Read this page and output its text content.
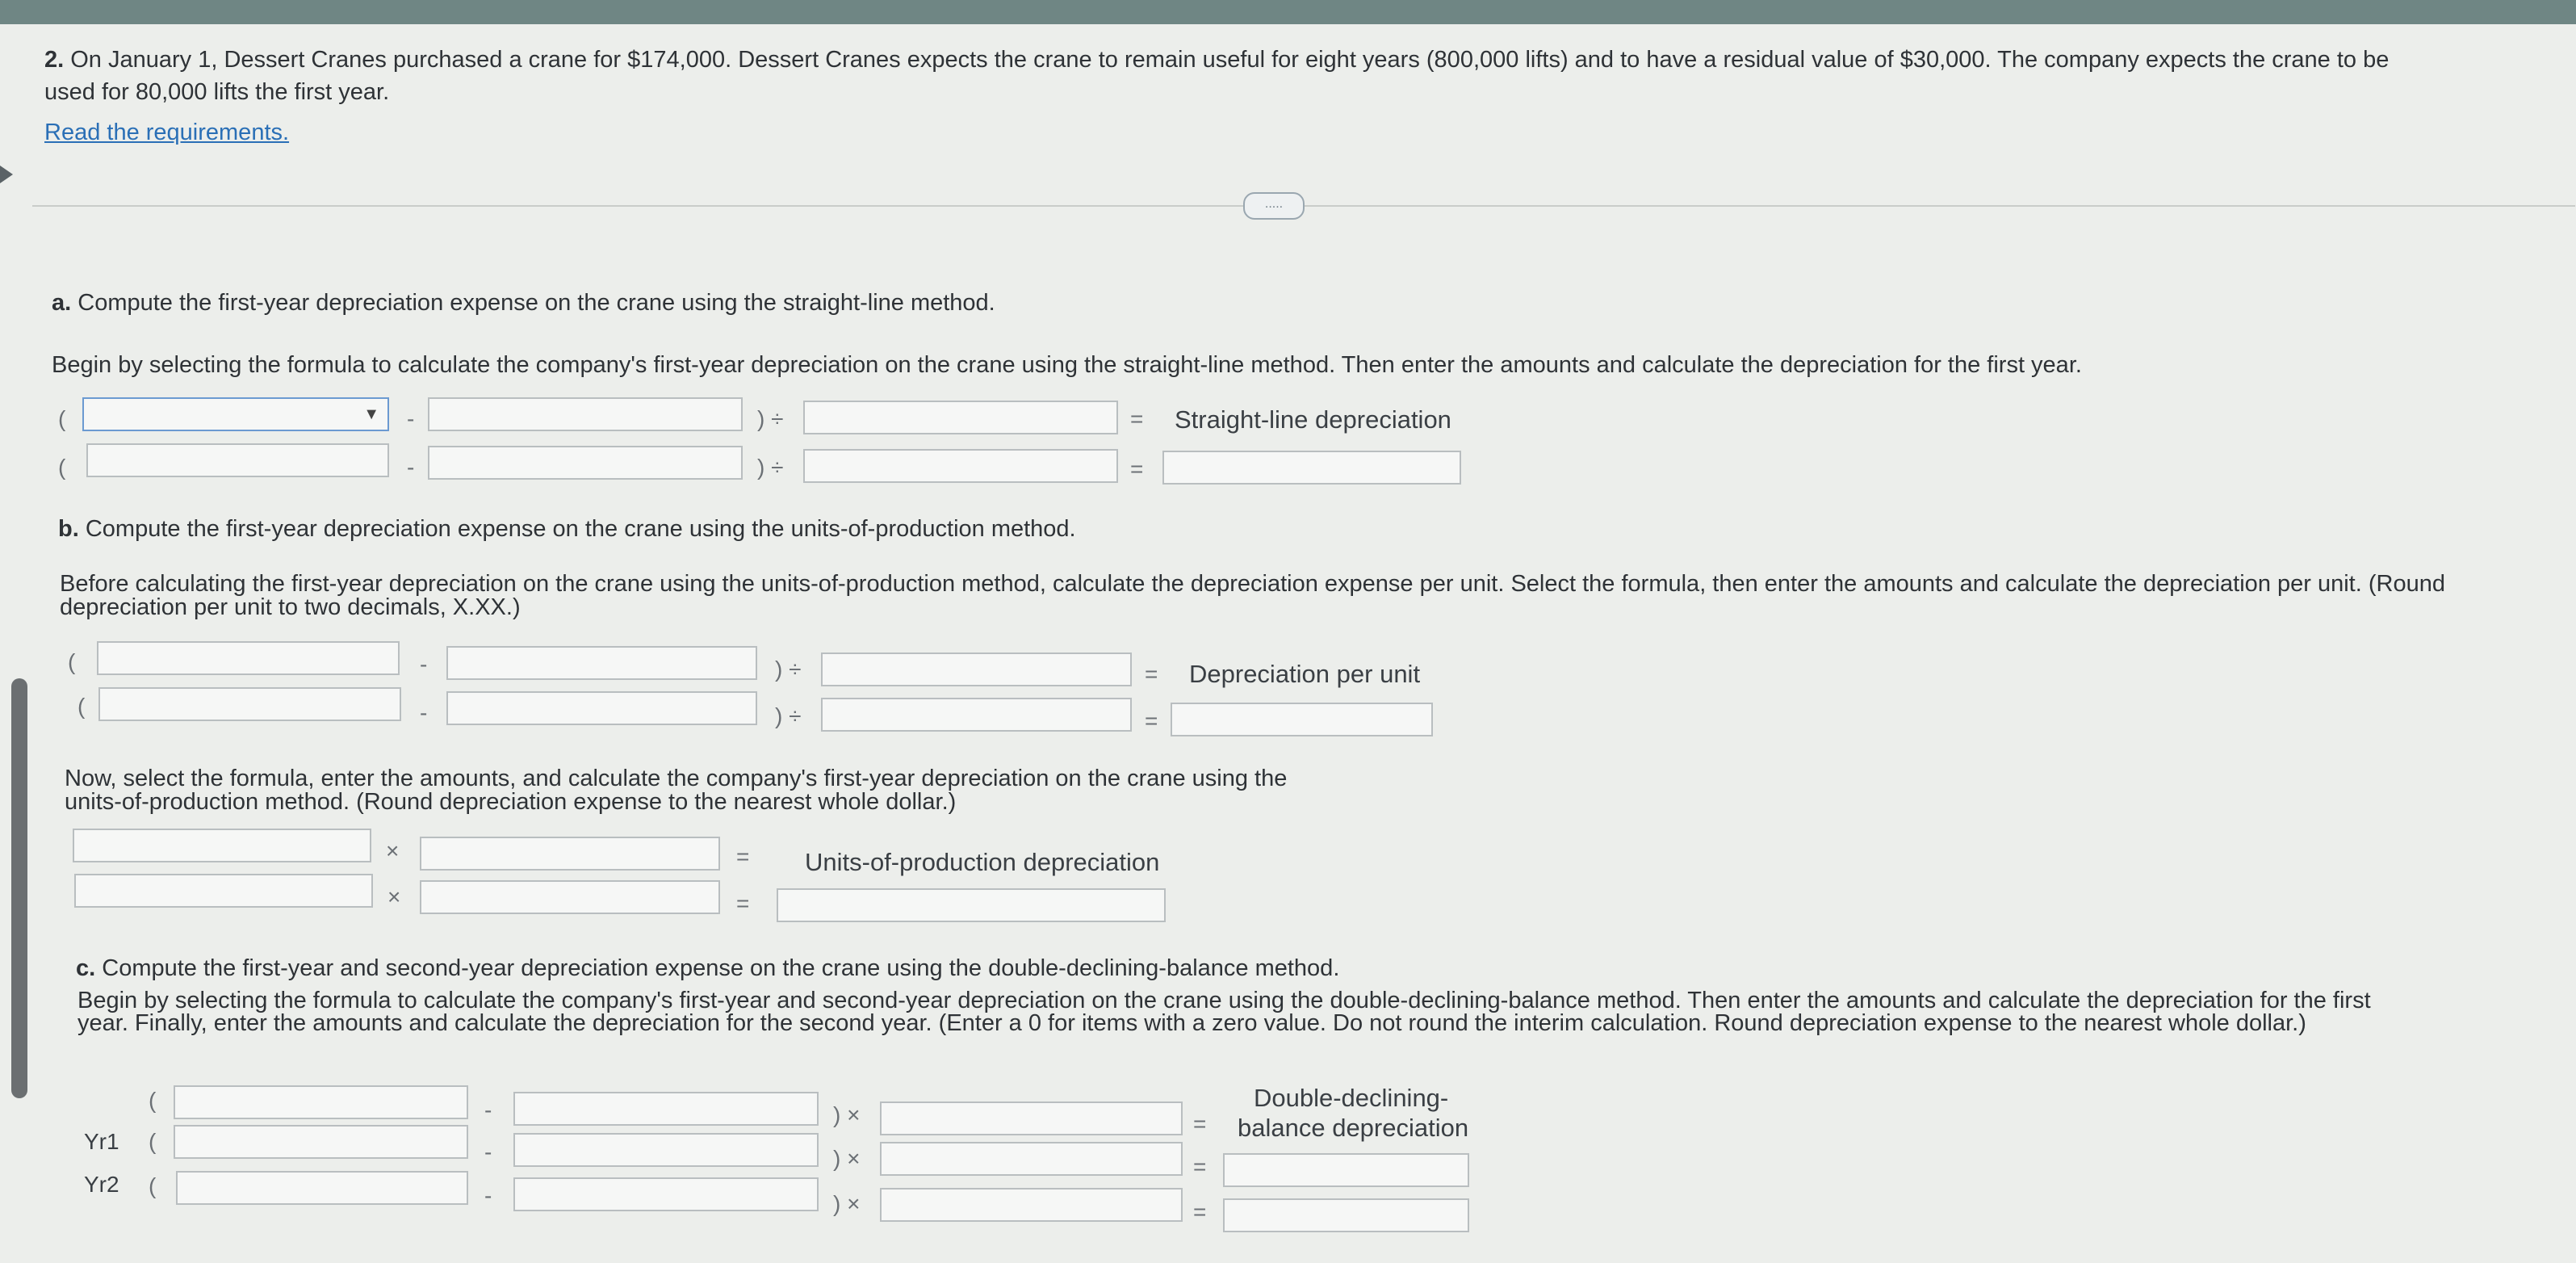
2. On January 1, Dessert Cranes purchased a crane for $174,000. Dessert Cranes expects the crane to remain useful for eight years (800,000 lifts) and to have a residual value of $30,000. The company expects the crane to be
used for 80,000 lifts the first year.
Read the requirements.
.....
a. Compute the first-year depreciation expense on the crane using the straight-line method.
Begin by selecting the formula to calculate the company's first-year depreciation on the crane using the straight-line method. Then enter the amounts and calculate the depreciation for the first year.
(	▼ -	) ÷	= Straight-line depreciation
(	-	) ÷	=
b. Compute the first-year depreciation expense on the crane using the units-of-production method.
Before calculating the first-year depreciation on the crane using the units-of-production method, calculate the depreciation expense per unit. Select the formula, then enter the amounts and calculate the depreciation per unit. (Round
depreciation per unit to two decimals, X.XX.)
(	-	) ÷	= Depreciation per unit
(	-	) ÷	=
Now, select the formula, enter the amounts, and calculate the company's first-year depreciation on the crane using the
units-of-production method. (Round depreciation expense to the nearest whole dollar.)
×	= Units-of-production depreciation
×	=
c. Compute the first-year and second-year depreciation expense on the crane using the double-declining-balance method.
Begin by selecting the formula to calculate the company's first-year and second-year depreciation on the crane using the double-declining-balance method. Then enter the amounts and calculate the depreciation for the first
year. Finally, enter the amounts and calculate the depreciation for the second year. (Enter a 0 for items with a zero value. Do not round the interim calculation. Round depreciation expense to the nearest whole dollar.)
Double-declining-
balance depreciation
(	-	) ×	=
Yr1 (	-	) ×	=
Yr2 (	-	) ×	=
